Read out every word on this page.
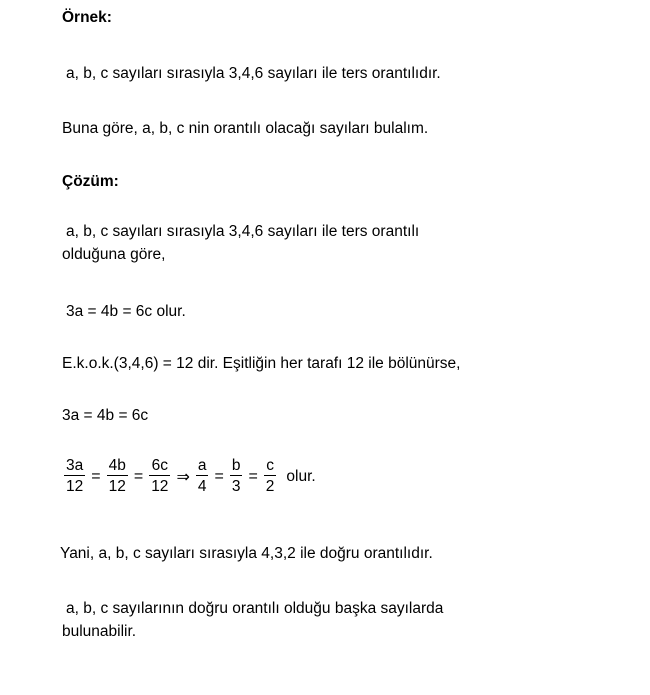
Örnek:
a, b, c sayıları sırasıyla 3,4,6 sayıları ile ters orantılıdır.
Buna göre, a, b, c nin orantılı olacağı sayıları bulalım.
Çözüm:
a, b, c sayıları sırasıyla 3,4,6 sayıları ile ters orantılı
olduğuna göre,
3a = 4b = 6c olur.
E.k.o.k.(3,4,6) = 12 dir. Eşitliğin her tarafı 12 ile bölünürse,
3a = 4b = 6c
$\frac{3a}{12} = \frac{4b}{12} = \frac{6c}{12}$ ⇒ $\frac{a}{4} = \frac{b}{3} = \frac{c}{2}$ olur.
Yani, a, b, c sayıları sırasıyla 4,3,2 ile doğru orantılıdır.
a, b, c sayılarının doğru orantılı olduğu başka sayılarda
bulunabilir.
